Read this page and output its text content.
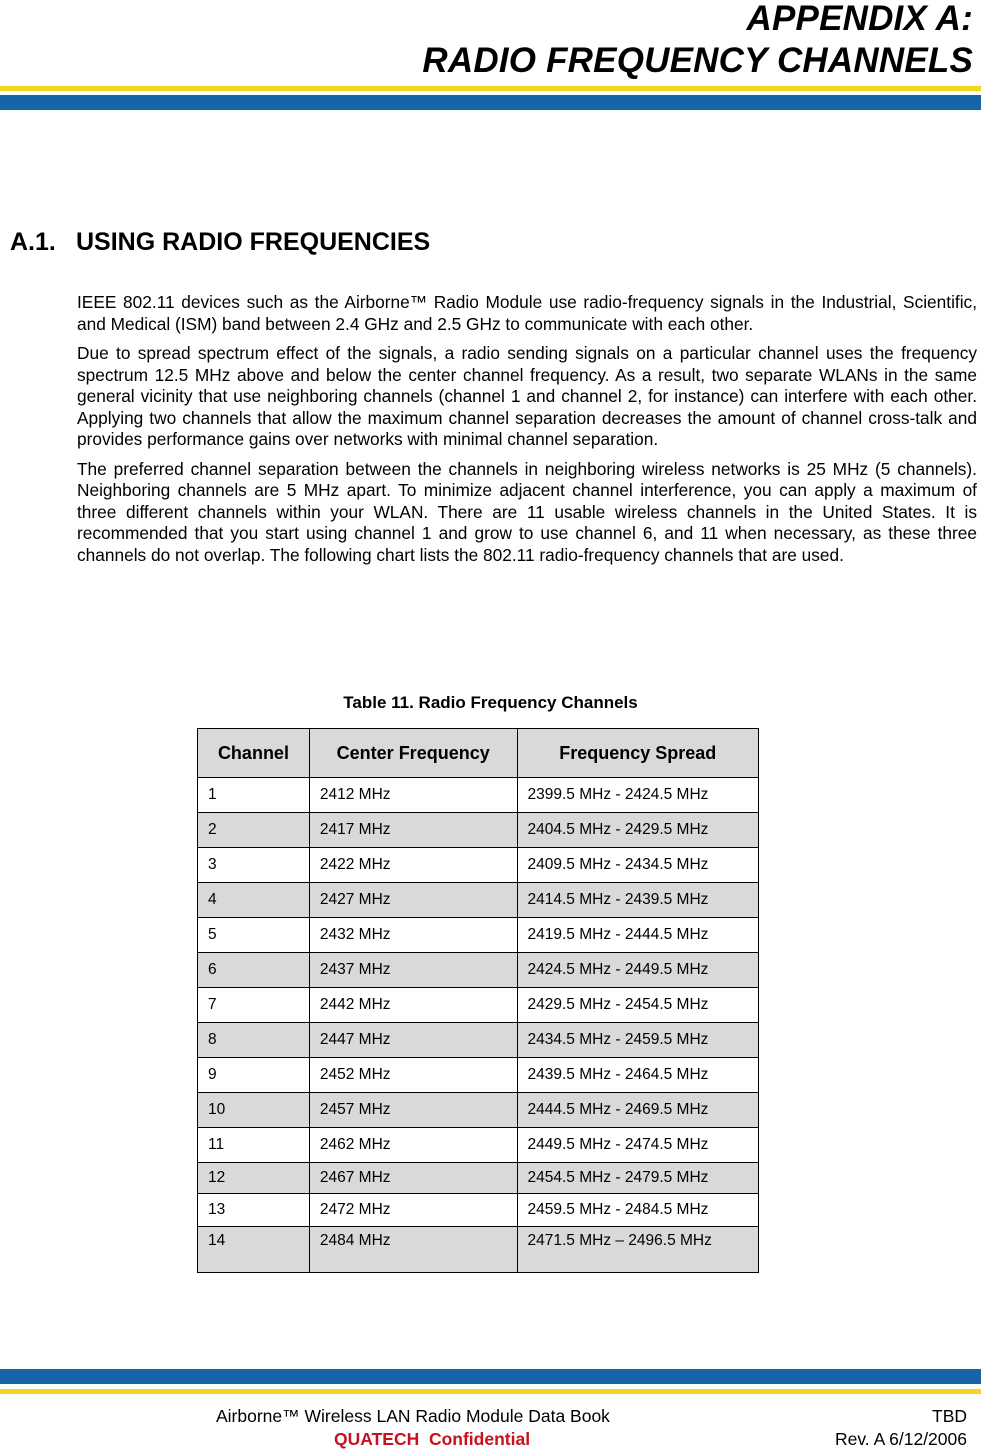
APPENDIX A:
RADIO FREQUENCY CHANNELS
A.1. USING RADIO FREQUENCIES

IEEE 802.11 devices such as the Airborne™ Radio Module use radio-frequency signals in the Industrial, Scientific, and Medical (ISM) band between 2.4 GHz and 2.5 GHz to communicate with each other.

Due to spread spectrum effect of the signals, a radio sending signals on a particular channel uses the frequency spectrum 12.5 MHz above and below the center channel frequency. As a result, two separate WLANs in the same general vicinity that use neighboring channels (channel 1 and channel 2, for instance) can interfere with each other. Applying two channels that allow the maximum channel separation decreases the amount of channel cross-talk and provides performance gains over networks with minimal channel separation.

The preferred channel separation between the channels in neighboring wireless networks is 25 MHz (5 channels). Neighboring channels are 5 MHz apart. To minimize adjacent channel interference, you can apply a maximum of three different channels within your WLAN. There are 11 usable wireless channels in the United States. It is recommended that you start using channel 1 and grow to use channel 6, and 11 when necessary, as these three channels do not overlap. The following chart lists the 802.11 radio-frequency channels that are used.

Table 11. Radio Frequency Channels
Channel	Center Frequency	Frequency Spread
1	2412 MHz	2399.5 MHz - 2424.5 MHz
2	2417 MHz	2404.5 MHz - 2429.5 MHz
3	2422 MHz	2409.5 MHz - 2434.5 MHz
4	2427 MHz	2414.5 MHz - 2439.5 MHz
5	2432 MHz	2419.5 MHz - 2444.5 MHz
6	2437 MHz	2424.5 MHz - 2449.5 MHz
7	2442 MHz	2429.5 MHz - 2454.5 MHz
8	2447 MHz	2434.5 MHz - 2459.5 MHz
9	2452 MHz	2439.5 MHz - 2464.5 MHz
10	2457 MHz	2444.5 MHz - 2469.5 MHz
11	2462 MHz	2449.5 MHz - 2474.5 MHz
12	2467 MHz	2454.5 MHz - 2479.5 MHz
13	2472 MHz	2459.5 MHz - 2484.5 MHz
14	2484 MHz	2471.5 MHz – 2496.5 MHz
Airborne™ Wireless LAN Radio Module Data Book	TBD
QUATECH  Confidential	Rev. A 6/12/2006
